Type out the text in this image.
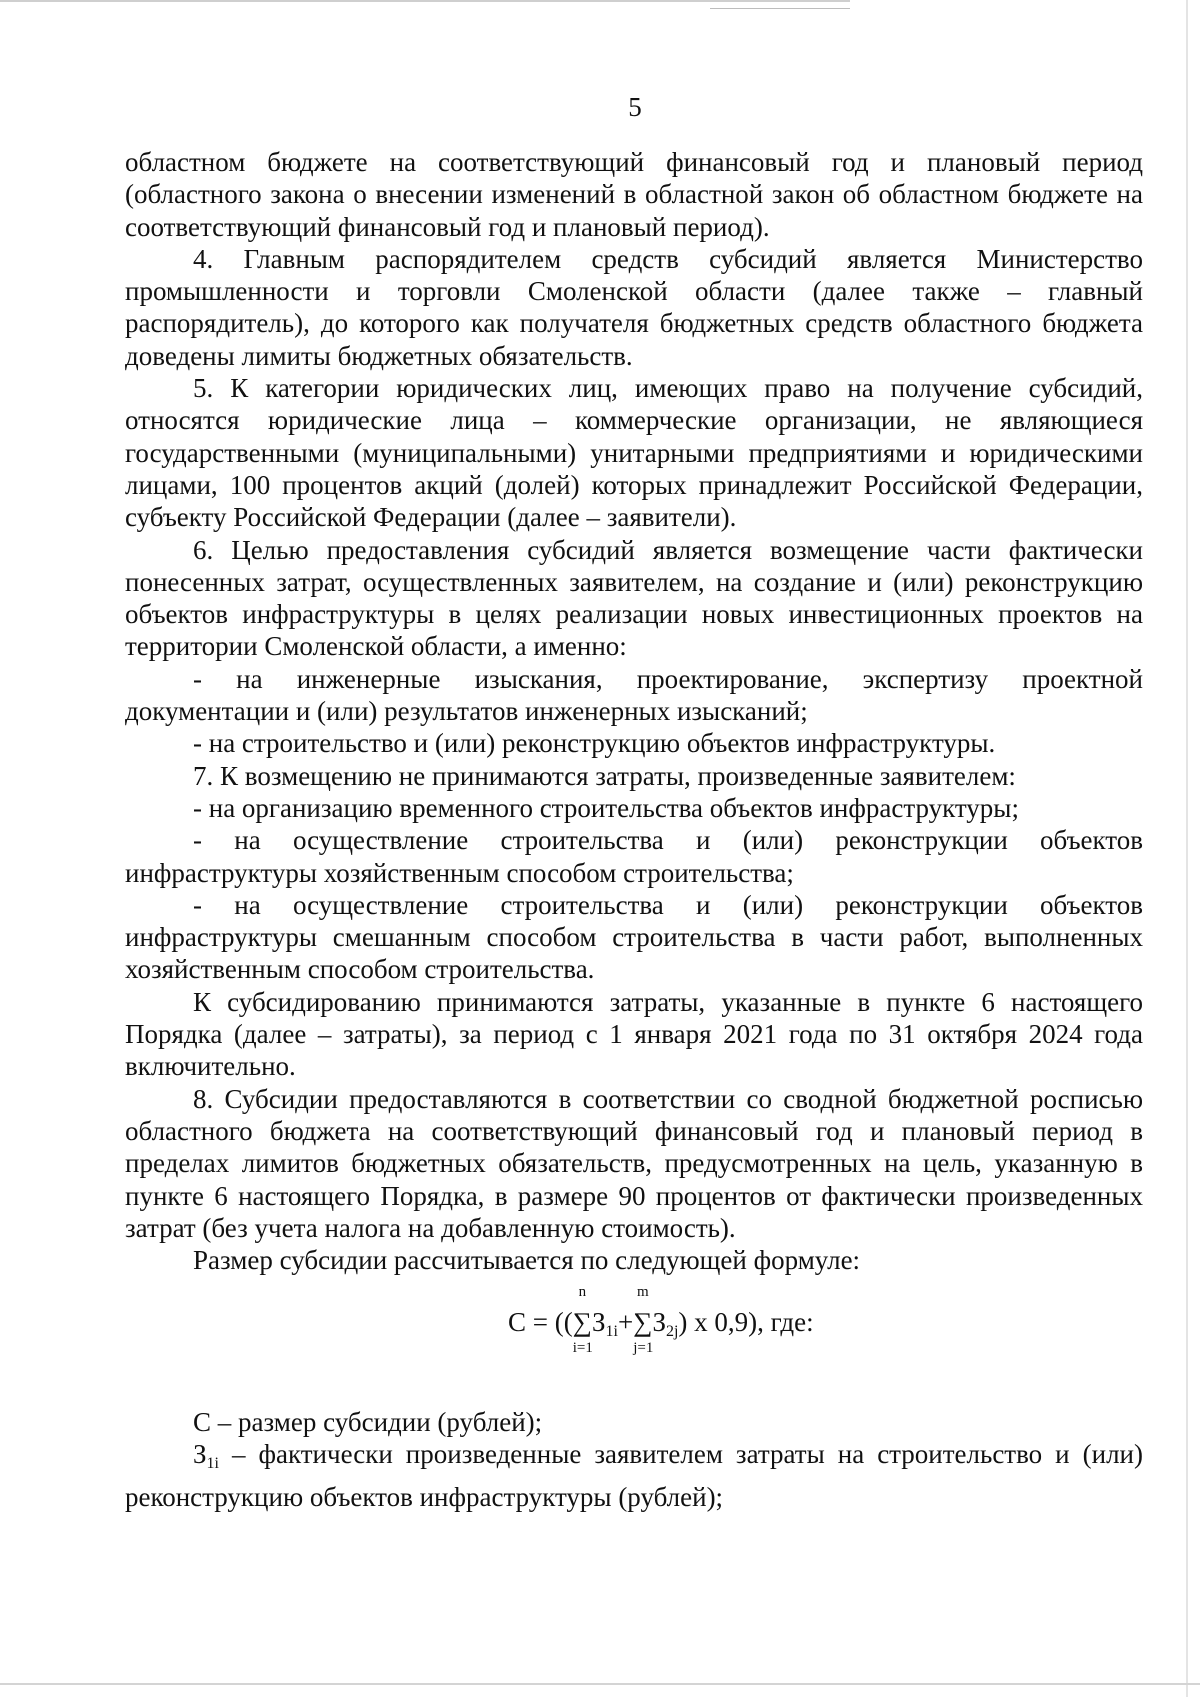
5

областном бюджете на соответствующий финансовый год и плановый период (областного закона о внесении изменений в областной закон об областном бюджете на соответствующий финансовый год и плановый период).

4. Главным распорядителем средств субсидий является Министерство промышленности и торговли Смоленской области (далее также – главный распорядитель), до которого как получателя бюджетных средств областного бюджета доведены лимиты бюджетных обязательств.

5. К категории юридических лиц, имеющих право на получение субсидий, относятся юридические лица – коммерческие организации, не являющиеся государственными (муниципальными) унитарными предприятиями и юридическими лицами, 100 процентов акций (долей) которых принадлежит Российской Федерации, субъекту Российской Федерации (далее – заявители).

6. Целью предоставления субсидий является возмещение части фактически понесенных затрат, осуществленных заявителем, на создание и (или) реконструкцию объектов инфраструктуры в целях реализации новых инвестиционных проектов на территории Смоленской области, а именно:

- на инженерные изыскания, проектирование, экспертизу проектной документации и (или) результатов инженерных изысканий;

- на строительство и (или) реконструкцию объектов инфраструктуры.

7. К возмещению не принимаются затраты, произведенные заявителем:

- на организацию временного строительства объектов инфраструктуры;

- на осуществление строительства и (или) реконструкции объектов инфраструктуры хозяйственным способом строительства;

- на осуществление строительства и (или) реконструкции объектов инфраструктуры смешанным способом строительства в части работ, выполненных хозяйственным способом строительства.

К субсидированию принимаются затраты, указанные в пункте 6 настоящего Порядка (далее – затраты), за период с 1 января 2021 года по 31 октября 2024 года включительно.

8. Субсидии предоставляются в соответствии со сводной бюджетной росписью областного бюджета на соответствующий финансовый год и плановый период в пределах лимитов бюджетных обязательств, предусмотренных на цель, указанную в пункте 6 настоящего Порядка, в размере 90 процентов от фактически произведенных затрат (без учета налога на добавленную стоимость).

Размер субсидии рассчитывается по следующей формуле:

C = ((
n
∑
i=1
$З_{1i}+$
m
∑
j=1
$З_{2j}$) x 0,9), где:

C – размер субсидии (рублей);

$З_{1i}$ – фактически произведенные заявителем затраты на строительство и (или) реконструкцию объектов инфраструктуры (рублей);
